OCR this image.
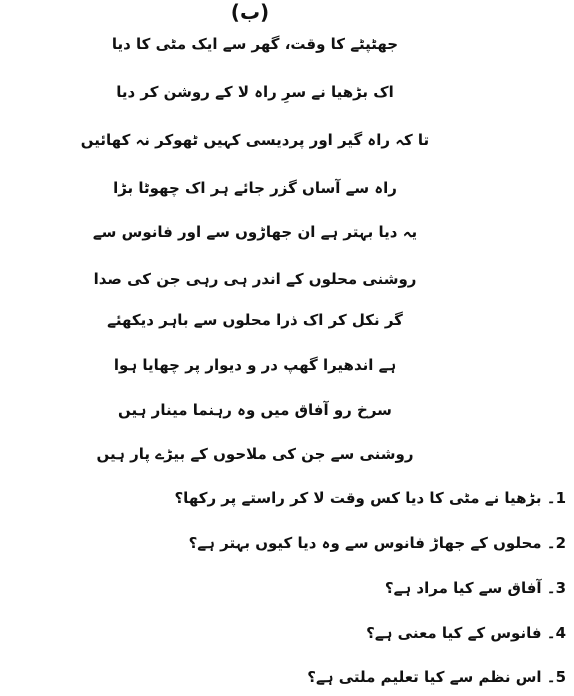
(ب)
جھٹپٹے کا وقت، گھر سے ایک مٹی کا دیا
اک بڑھیا نے سرِ راہ لا کے روشن کر دیا
تا کہ راہ گیر اور پردیسی کہیں ٹھوکر نہ کھائیں
راہ سے آساں گزر جائے ہر اک چھوٹا بڑا
یہ دیا بہتر ہے ان جھاڑوں سے اور فانوس سے
روشنی محلوں کے اندر ہی رہی جن کی صدا
گر نکل کر اک ذرا محلوں سے باہر دیکھئے
ہے اندھیرا گھپ در و دیوار پر چھایا ہوا
سرخ رو آفاق میں وہ رہنما مینار ہیں
روشنی سے جن کی ملاحوں کے بیڑے پار ہیں
1۔ بڑھیا نے مٹی کا دیا کس وقت لا کر راستے پر رکھا؟
2۔ محلوں کے جھاڑ فانوس سے وہ دیا کیوں بہتر ہے؟
3۔ آفاق سے کیا مراد ہے؟
4۔ فانوس کے کیا معنی ہے؟
5۔ اس نظم سے کیا تعلیم ملتی ہے؟
